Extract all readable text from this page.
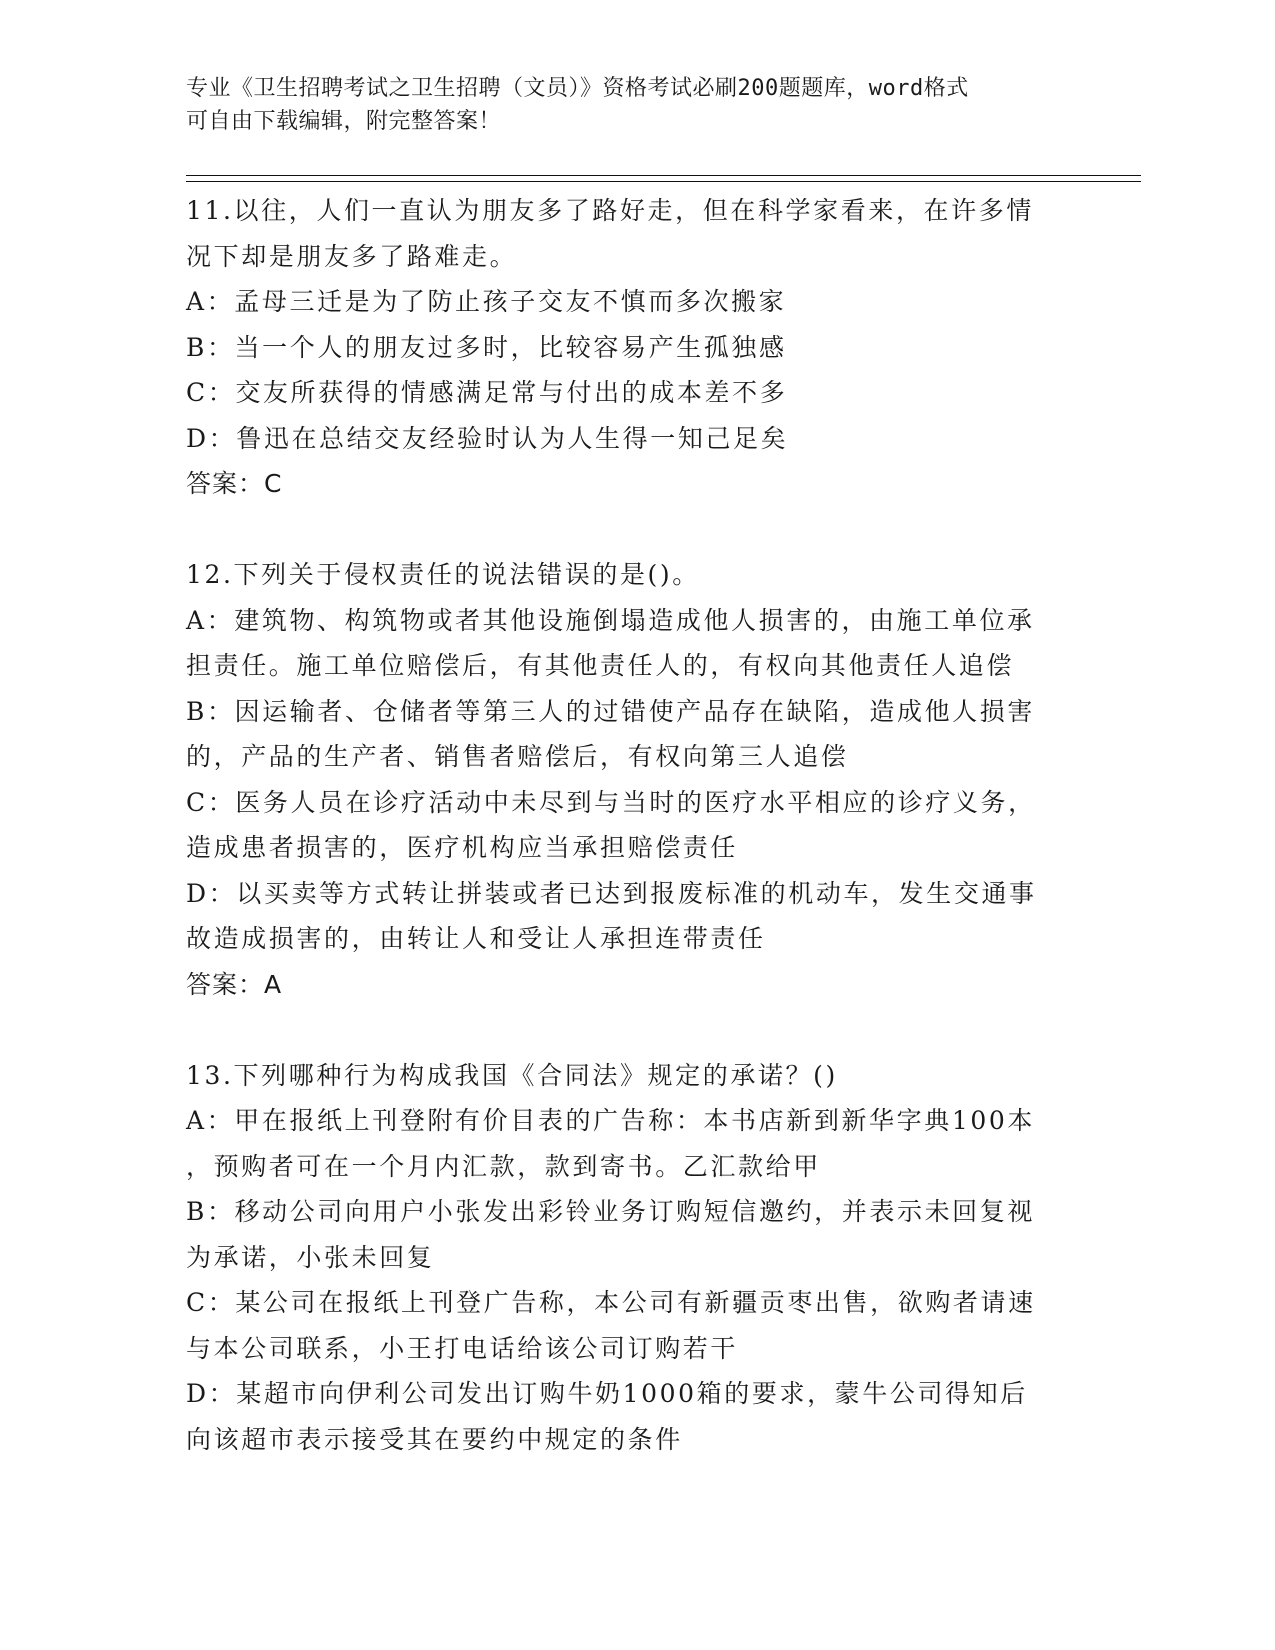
专业《卫生招聘考试之卫生招聘（文员）》资格考试必刷200题题库，word格式
可自由下载编辑，附完整答案！
11.以往，人们一直认为朋友多了路好走，但在科学家看来，在许多情
况下却是朋友多了路难走。
A：孟母三迁是为了防止孩子交友不慎而多次搬家
B：当一个人的朋友过多时，比较容易产生孤独感
C：交友所获得的情感满足常与付出的成本差不多
D：鲁迅在总结交友经验时认为人生得一知己足矣
答案：C
12.下列关于侵权责任的说法错误的是()。
A：建筑物、构筑物或者其他设施倒塌造成他人损害的，由施工单位承
担责任。施工单位赔偿后，有其他责任人的，有权向其他责任人追偿
B：因运输者、仓储者等第三人的过错使产品存在缺陷，造成他人损害
的，产品的生产者、销售者赔偿后，有权向第三人追偿
C：医务人员在诊疗活动中未尽到与当时的医疗水平相应的诊疗义务，
造成患者损害的，医疗机构应当承担赔偿责任
D：以买卖等方式转让拼装或者已达到报废标准的机动车，发生交通事
故造成损害的，由转让人和受让人承担连带责任
答案：A
13.下列哪种行为构成我国《合同法》规定的承诺？()
A：甲在报纸上刊登附有价目表的广告称：本书店新到新华字典100本
，预购者可在一个月内汇款，款到寄书。乙汇款给甲
B：移动公司向用户小张发出彩铃业务订购短信邀约，并表示未回复视
为承诺，小张未回复
C：某公司在报纸上刊登广告称，本公司有新疆贡枣出售，欲购者请速
与本公司联系，小王打电话给该公司订购若干
D：某超市向伊利公司发出订购牛奶1000箱的要求，蒙牛公司得知后
向该超市表示接受其在要约中规定的条件
